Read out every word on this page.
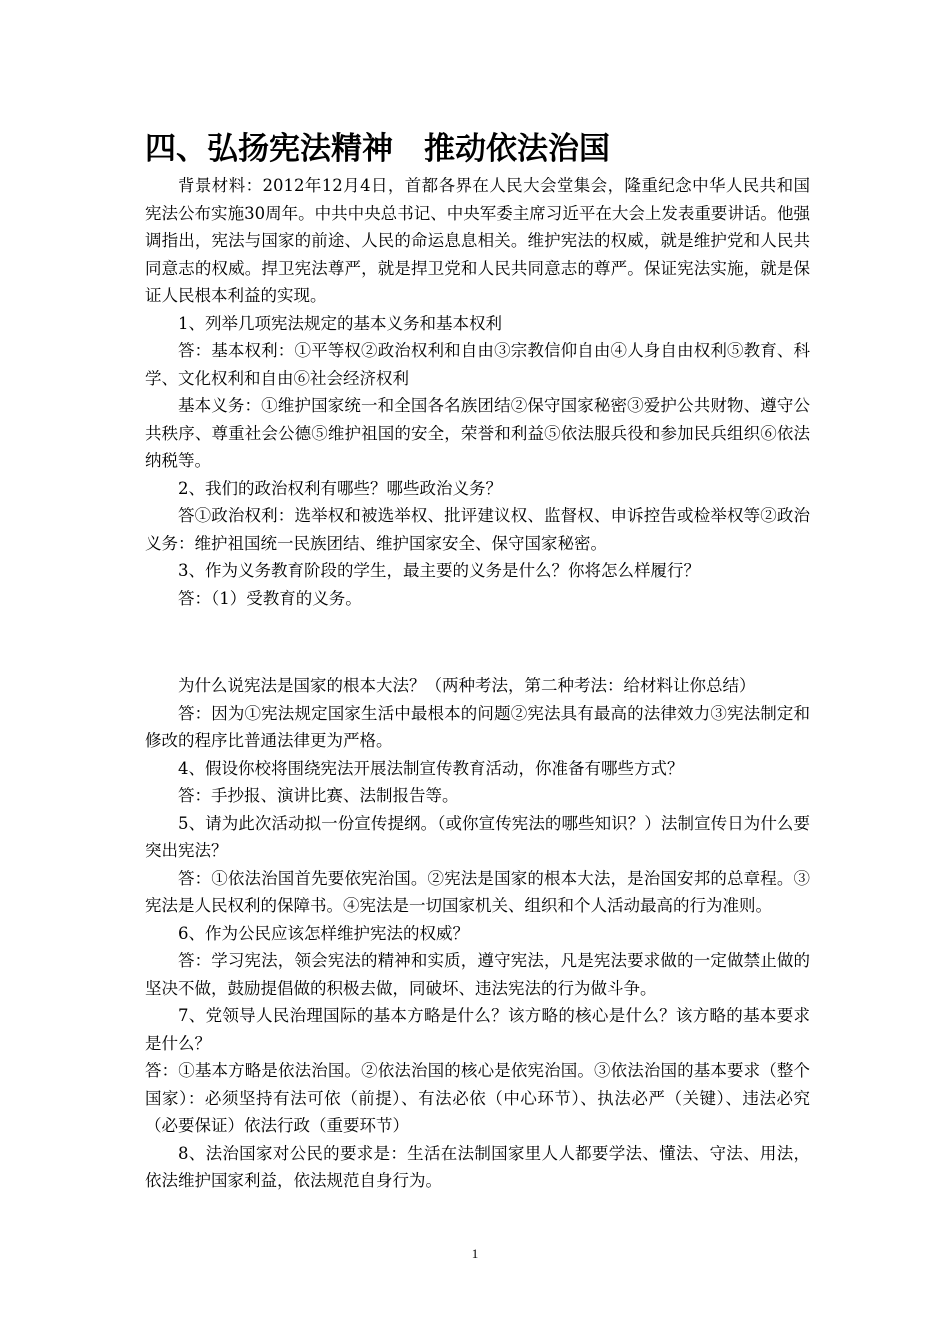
四、弘扬宪法精神　推动依法治国

背景材料：2012年12月4日，首都各界在人民大会堂集会，隆重纪念中华人民共和国宪法公布实施30周年。中共中央总书记、中央军委主席习近平在大会上发表重要讲话。他强调指出，宪法与国家的前途、人民的命运息息相关。维护宪法的权威，就是维护党和人民共同意志的权威。捍卫宪法尊严，就是捍卫党和人民共同意志的尊严。保证宪法实施，就是保证人民根本利益的实现。

1、列举几项宪法规定的基本义务和基本权利

答：基本权利：①平等权②政治权利和自由③宗教信仰自由④人身自由权利⑤教育、科学、文化权利和自由⑥社会经济权利

基本义务：①维护国家统一和全国各名族团结②保守国家秘密③爱护公共财物、遵守公共秩序、尊重社会公德⑤维护祖国的安全，荣誉和利益⑤依法服兵役和参加民兵组织⑥依法纳税等。

2、我们的政治权利有哪些？哪些政治义务？

答①政治权利：选举权和被选举权、批评建议权、监督权、申诉控告或检举权等②政治义务：维护祖国统一民族团结、维护国家安全、保守国家秘密。

3、作为义务教育阶段的学生，最主要的义务是什么？你将怎么样履行？

答：（1）受教育的义务。

为什么说宪法是国家的根本大法？（两种考法，第二种考法：给材料让你总结）

答：因为①宪法规定国家生活中最根本的问题②宪法具有最高的法律效力③宪法制定和修改的程序比普通法律更为严格。

4、假设你校将围绕宪法开展法制宣传教育活动，你准备有哪些方式？

答：手抄报、演讲比赛、法制报告等。

5、请为此次活动拟一份宣传提纲。（或你宣传宪法的哪些知识？）法制宣传日为什么要突出宪法？

答：①依法治国首先要依宪治国。②宪法是国家的根本大法，是治国安邦的总章程。③宪法是人民权利的保障书。④宪法是一切国家机关、组织和个人活动最高的行为准则。

6、作为公民应该怎样维护宪法的权威？

答：学习宪法，领会宪法的精神和实质，遵守宪法，凡是宪法要求做的一定做禁止做的坚决不做，鼓励提倡做的积极去做，同破坏、违法宪法的行为做斗争。

7、党领导人民治理国际的基本方略是什么？该方略的核心是什么？该方略的基本要求是什么？

答：①基本方略是依法治国。②依法治国的核心是依宪治国。③依法治国的基本要求（整个国家）：必须坚持有法可依（前提）、有法必依（中心环节）、执法必严（关键）、违法必究（必要保证）依法行政（重要环节）

8、法治国家对公民的要求是：生活在法制国家里人人都要学法、懂法、守法、用法，依法维护国家利益，依法规范自身行为。

1
